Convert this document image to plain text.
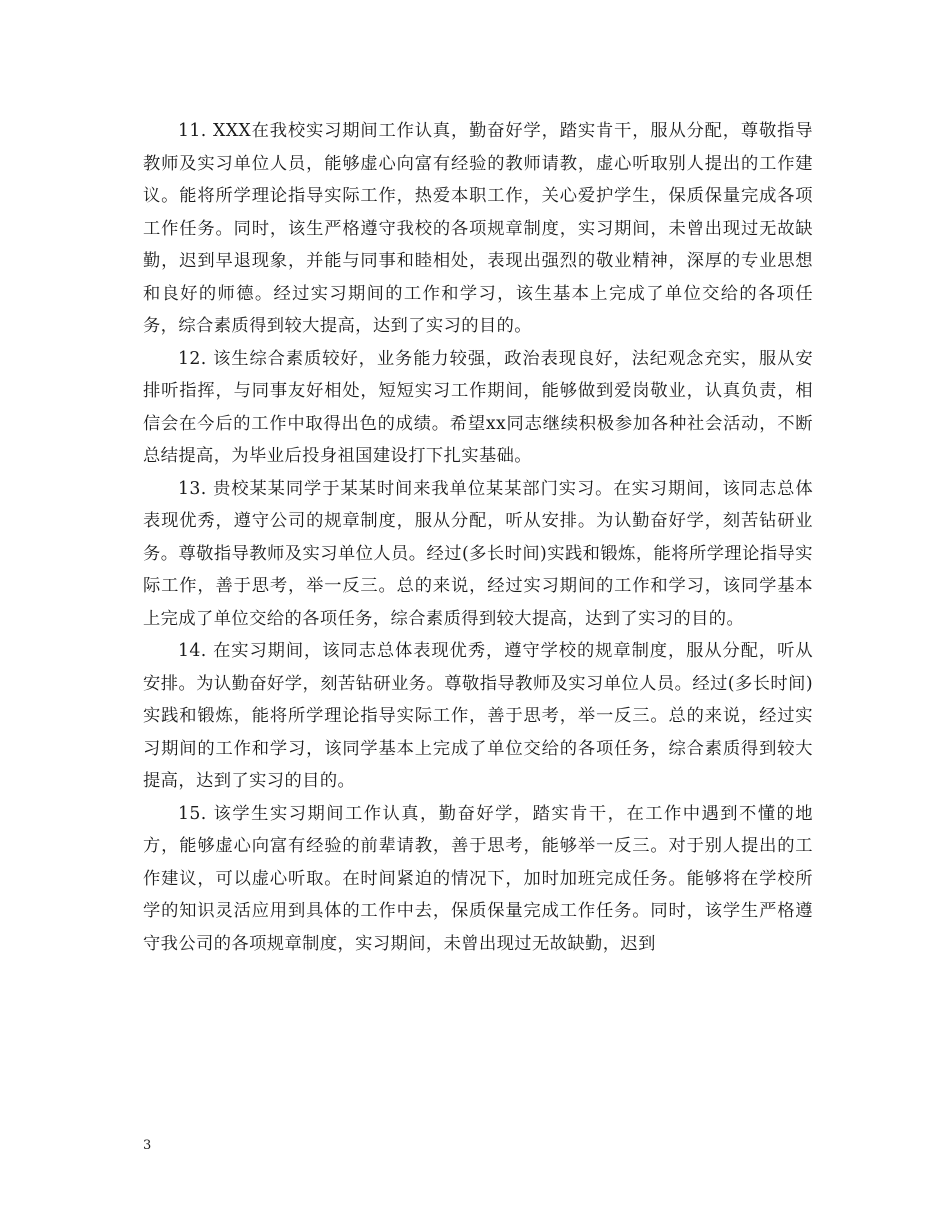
11. XXX在我校实习期间工作认真，勤奋好学，踏实肯干，服从分配，尊敬指导教师及实习单位人员，能够虚心向富有经验的教师请教，虚心听取别人提出的工作建议。能将所学理论指导实际工作，热爱本职工作，关心爱护学生，保质保量完成各项工作任务。同时，该生严格遵守我校的各项规章制度，实习期间，未曾出现过无故缺勤，迟到早退现象，并能与同事和睦相处，表现出强烈的敬业精神，深厚的专业思想和良好的师德。经过实习期间的工作和学习，该生基本上完成了单位交给的各项任务，综合素质得到较大提高，达到了实习的目的。

12. 该生综合素质较好，业务能力较强，政治表现良好，法纪观念充实，服从安排听指挥，与同事友好相处，短短实习工作期间，能够做到爱岗敬业，认真负责，相信会在今后的工作中取得出色的成绩。希望xx同志继续积极参加各种社会活动，不断总结提高，为毕业后投身祖国建设打下扎实基础。

13. 贵校某某同学于某某时间来我单位某某部门实习。在实习期间，该同志总体表现优秀，遵守公司的规章制度，服从分配，听从安排。为认勤奋好学，刻苦钻研业务。尊敬指导教师及实习单位人员。经过(多长时间)实践和锻炼，能将所学理论指导实际工作，善于思考，举一反三。总的来说，经过实习期间的工作和学习，该同学基本上完成了单位交给的各项任务，综合素质得到较大提高，达到了实习的目的。

14. 在实习期间，该同志总体表现优秀，遵守学校的规章制度，服从分配，听从安排。为认勤奋好学，刻苦钻研业务。尊敬指导教师及实习单位人员。经过(多长时间)实践和锻炼，能将所学理论指导实际工作，善于思考，举一反三。总的来说，经过实习期间的工作和学习，该同学基本上完成了单位交给的各项任务，综合素质得到较大提高，达到了实习的目的。

15. 该学生实习期间工作认真，勤奋好学，踏实肯干，在工作中遇到不懂的地方，能够虚心向富有经验的前辈请教，善于思考，能够举一反三。对于别人提出的工作建议，可以虚心听取。在时间紧迫的情况下，加时加班完成任务。能够将在学校所学的知识灵活应用到具体的工作中去，保质保量完成工作任务。同时，该学生严格遵守我公司的各项规章制度，实习期间，未曾出现过无故缺勤，迟到

3
